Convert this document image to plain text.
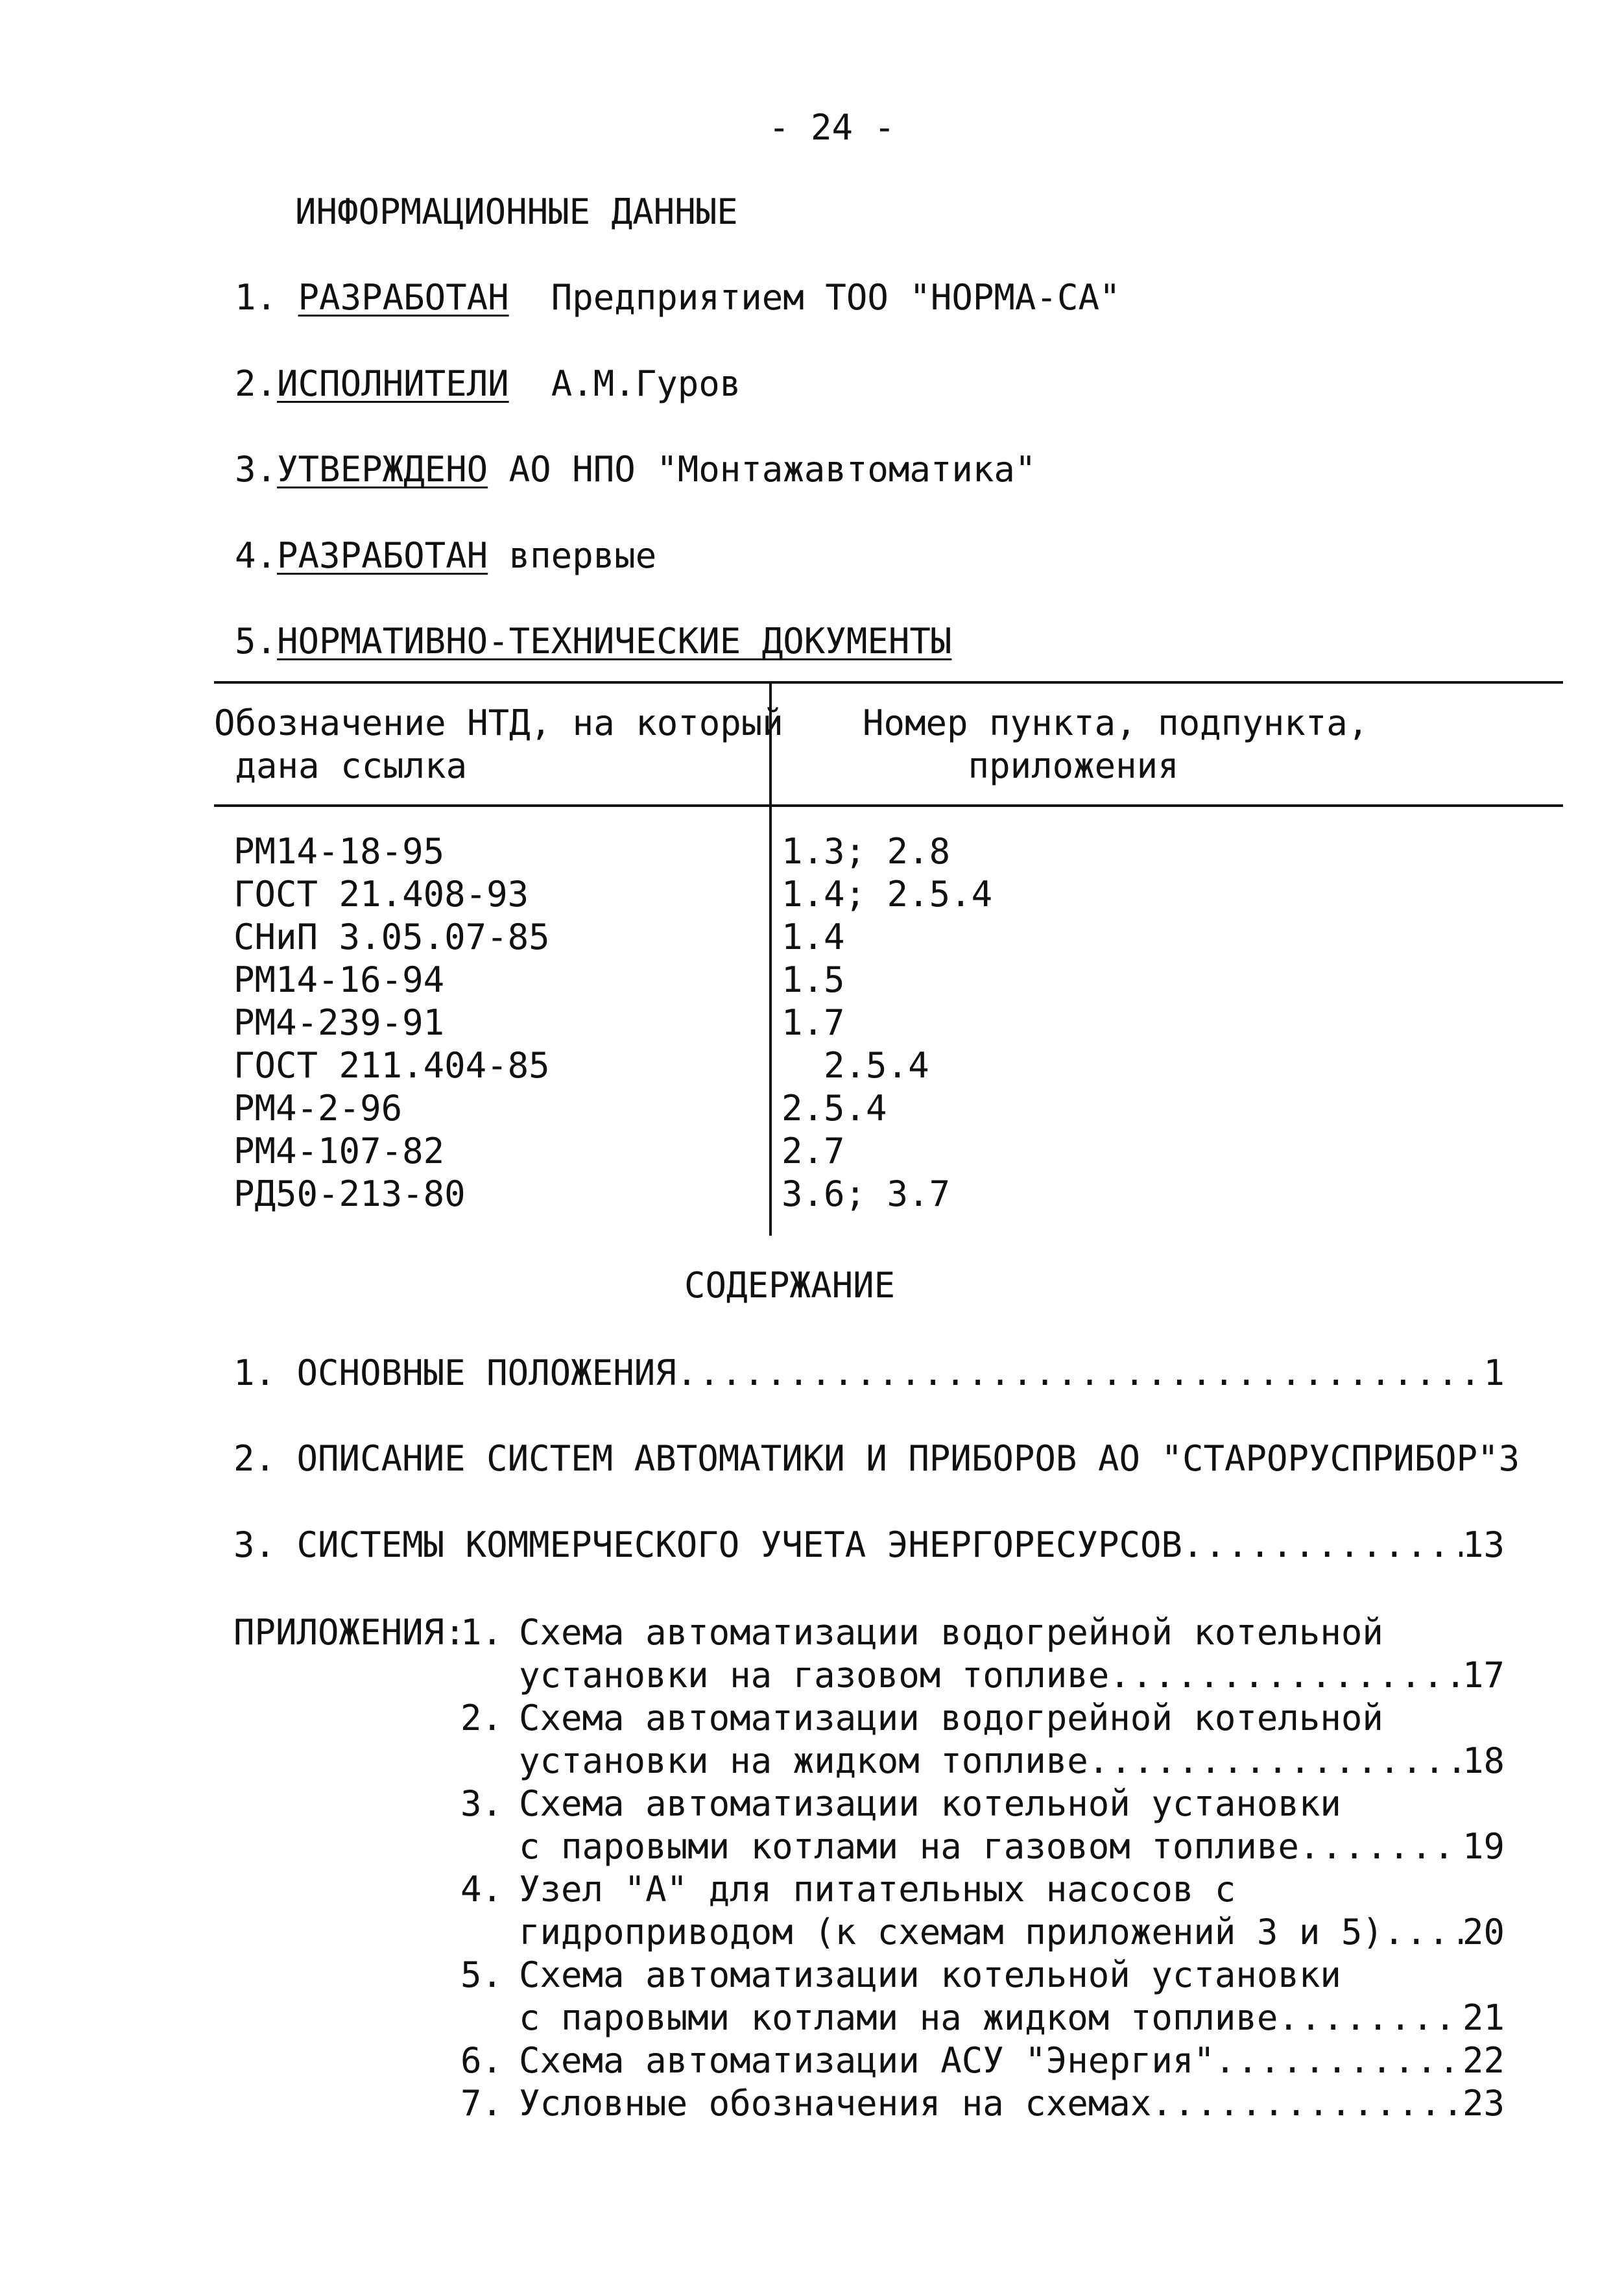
- 24 -
ИНФОРМАЦИОННЫЕ ДАННЫЕ
1. РАЗРАБОТАН Предприятием ТОО "НОРМА-СА"
2.ИСПОЛНИТЕЛИ А.М.Гуров
3.УТВЕРЖДЕНО АО НПО "Монтажавтоматика"
4.РАЗРАБОТАН впервые
5.НОРМАТИВНО-ТЕХНИЧЕСКИЕ ДОКУМЕНТЫ
Обозначение НТД, на который
дана ссылка
Номер пункта, подпункта,
приложения
РМ14-18-95	1.3; 2.8
ГОСТ 21.408-93	1.4; 2.5.4
СНиП 3.05.07-85	1.4
РМ14-16-94	1.5
РМ4-239-91	1.7
ГОСТ 211.404-85	2.5.4
РМ4-2-96	2.5.4
РМ4-107-82	2.7
РД50-213-80	3.6; 3.7
СОДЕРЖАНИЕ
1. ОСНОВНЫЕ ПОЛОЖЕНИЯ .....	1
2. ОПИСАНИЕ СИСТЕМ АВТОМАТИКИ И ПРИБОРОВ АО "СТАРОРУСПРИБОР" 3
3. СИСТЕМЫ КОММЕРЧЕСКОГО УЧЕТА ЭНЕРГОРЕСУРСОВ .....	13
ПРИЛОЖЕНИЯ:
1. Схема автоматизации водогрейной котельной
установки на газовом топливе .....	17
2. Схема автоматизации водогрейной котельной
установки на жидком топливе .....	18
3. Схема автоматизации котельной установки
с паровыми котлами на газовом топливе .....	19
4. Узел "А" для питательных насосов с
гидроприводом (к схемам приложений 3 и 5) ..... 20
5. Схема автоматизации котельной установки
с паровыми котлами на жидком топливе .....	21
6. Схема автоматизации АСУ "Энергия" .....	22
7. Условные обозначения на схемах .....	23
